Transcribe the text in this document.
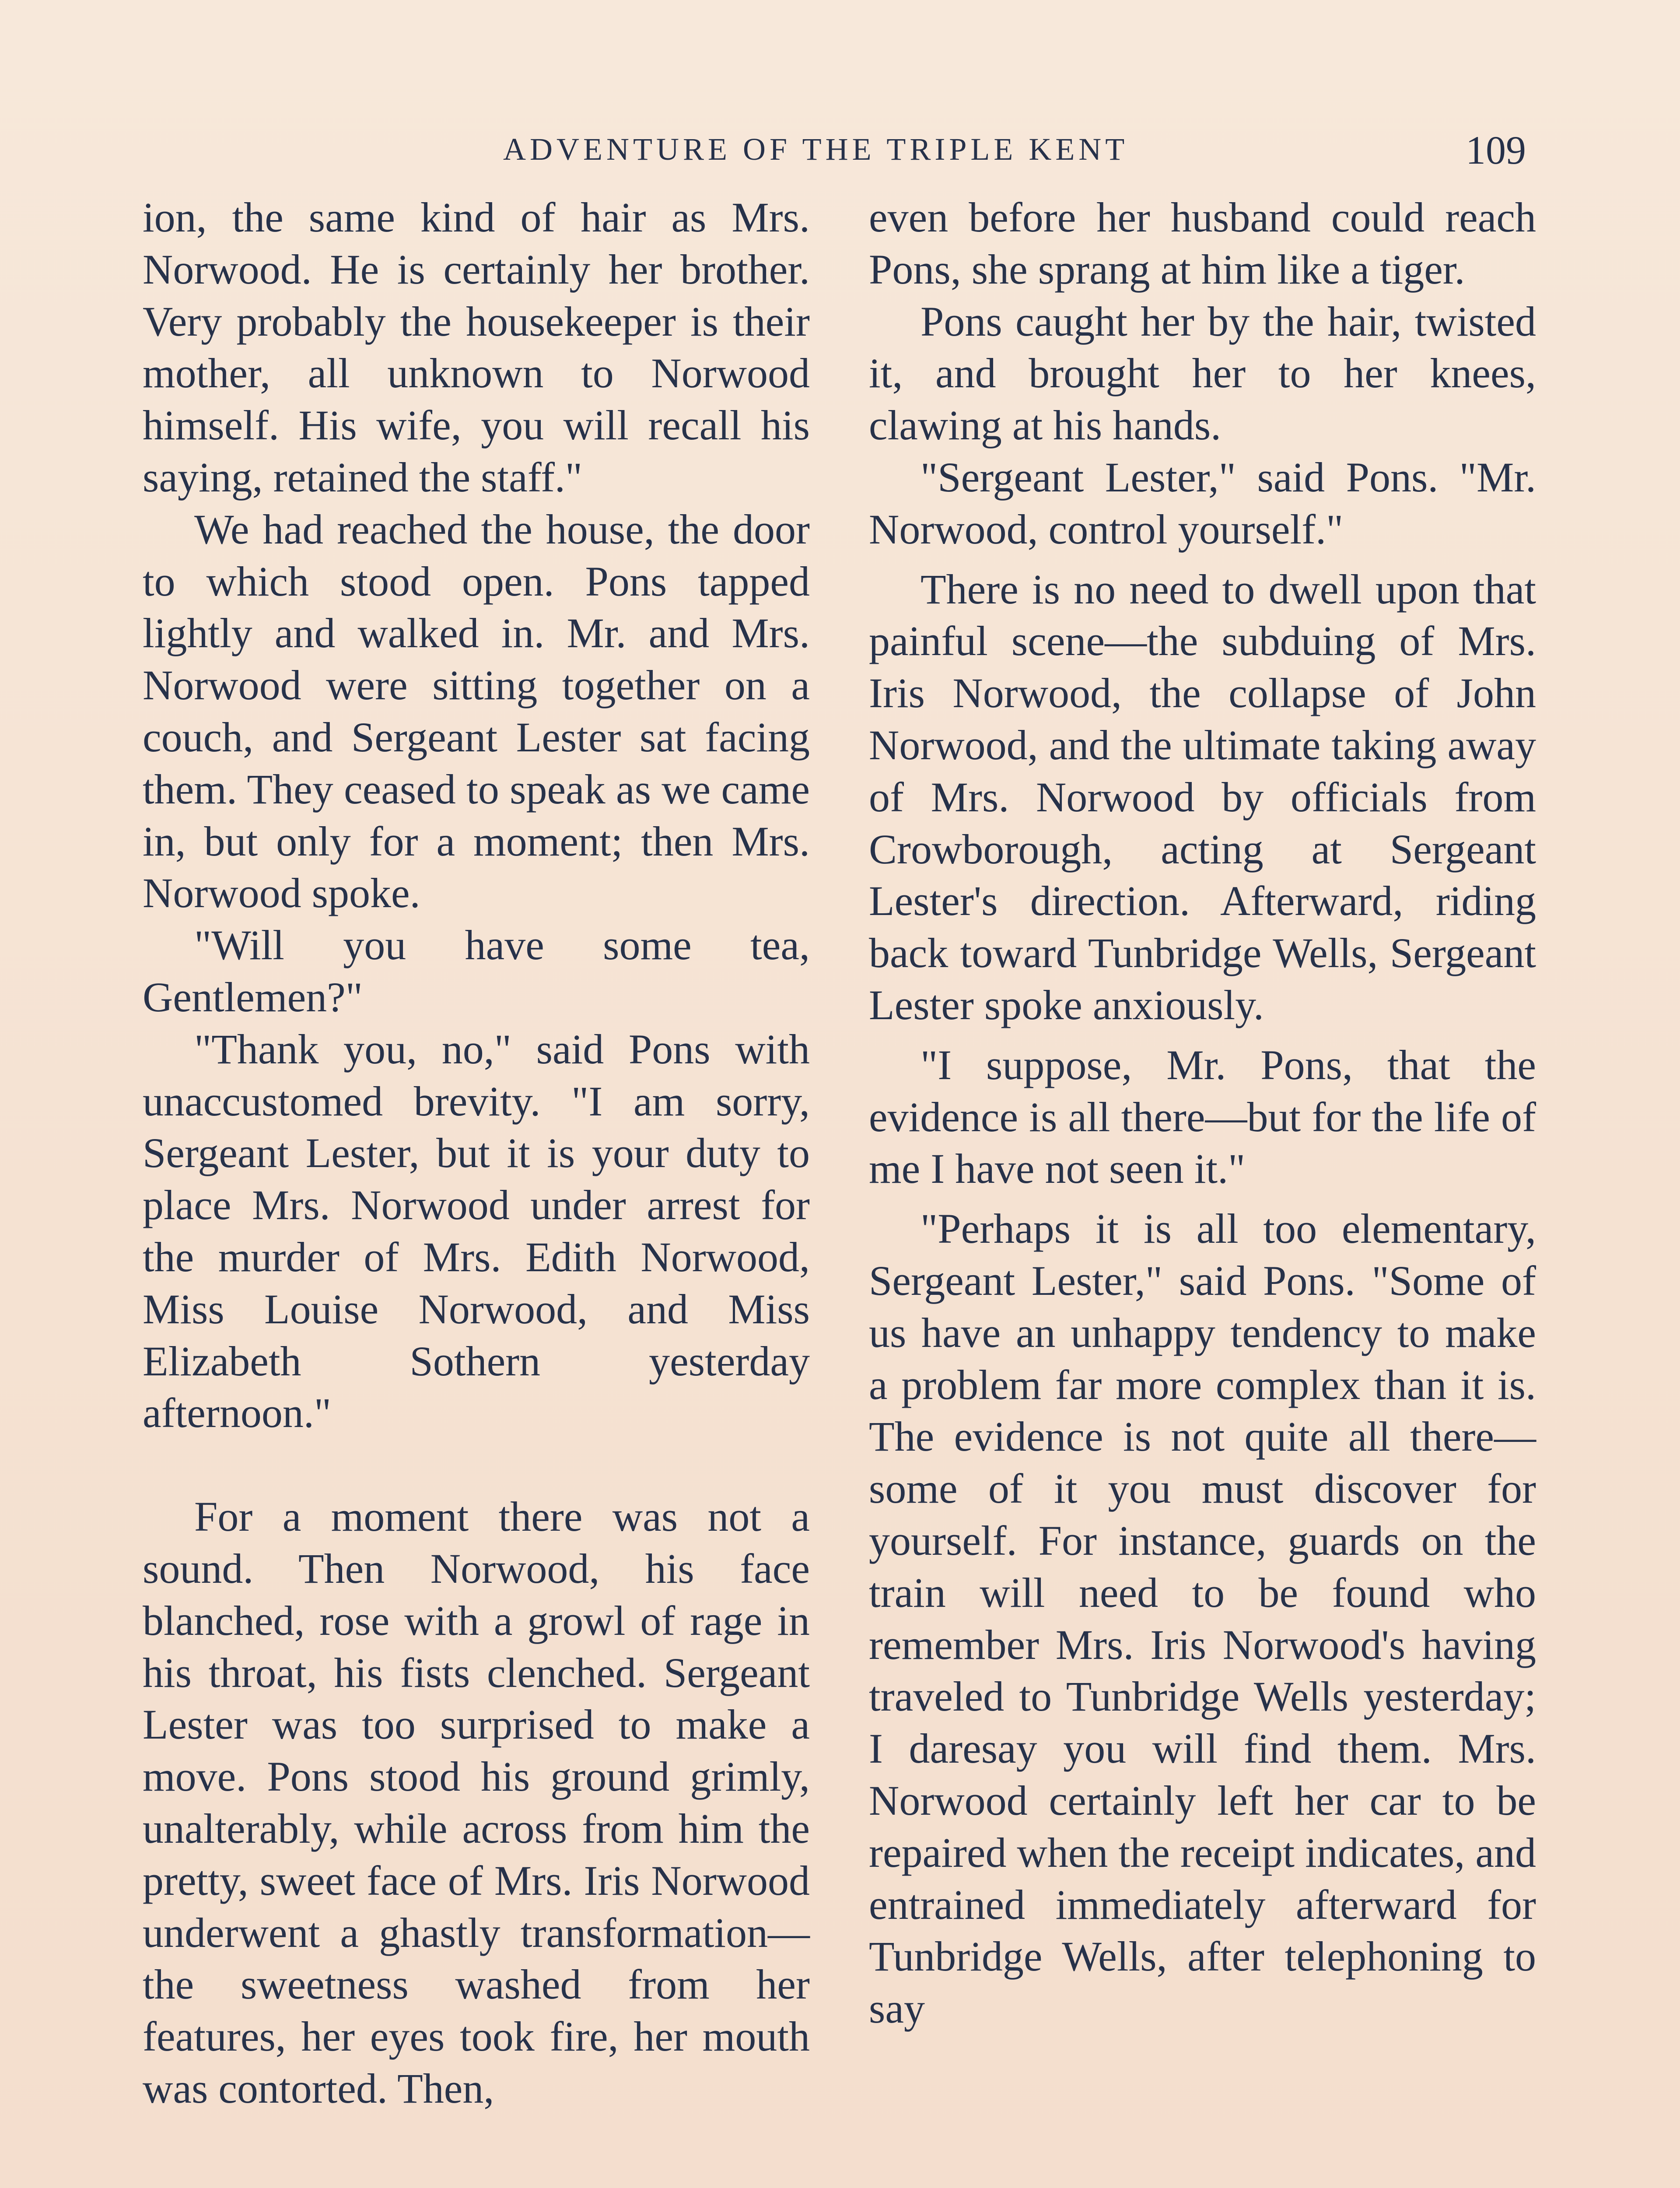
ADVENTURE OF THE TRIPLE KENT	109

ion, the same kind of hair as Mrs. Norwood. He is certainly her brother. Very probably the housekeeper is their mother, all unknown to Norwood himself. His wife, you will recall his saying, retained the staff."

We had reached the house, the door to which stood open. Pons tapped lightly and walked in. Mr. and Mrs. Norwood were sitting together on a couch, and Sergeant Lester sat facing them. They ceased to speak as we came in, but only for a moment; then Mrs. Norwood spoke.

"Will you have some tea, Gentlemen?"

"Thank you, no," said Pons with unaccustomed brevity. "I am sorry, Sergeant Lester, but it is your duty to place Mrs. Norwood under arrest for the murder of Mrs. Edith Norwood, Miss Louise Norwood, and Miss Elizabeth Sothern yesterday afternoon."

For a moment there was not a sound. Then Norwood, his face blanched, rose with a growl of rage in his throat, his fists clenched. Sergeant Lester was too surprised to make a move. Pons stood his ground grimly, unalterably, while across from him the pretty, sweet face of Mrs. Iris Norwood underwent a ghastly transformation—the sweetness washed from her features, her eyes took fire, her mouth was contorted. Then,

even before her husband could reach Pons, she sprang at him like a tiger.

Pons caught her by the hair, twisted it, and brought her to her knees, clawing at his hands.

"Sergeant Lester," said Pons. "Mr. Norwood, control yourself."

There is no need to dwell upon that painful scene—the subduing of Mrs. Iris Norwood, the collapse of John Norwood, and the ultimate taking away of Mrs. Norwood by officials from Crowborough, acting at Sergeant Lester's direction. Afterward, riding back toward Tunbridge Wells, Sergeant Lester spoke anxiously.

"I suppose, Mr. Pons, that the evidence is all there—but for the life of me I have not seen it."

"Perhaps it is all too elementary, Sergeant Lester," said Pons. "Some of us have an unhappy tendency to make a problem far more complex than it is. The evidence is not quite all there—some of it you must discover for yourself. For instance, guards on the train will need to be found who remember Mrs. Iris Norwood's having traveled to Tunbridge Wells yesterday; I daresay you will find them. Mrs. Norwood certainly left her car to be repaired when the receipt indicates, and entrained immediately afterward for Tunbridge Wells, after telephoning to say
